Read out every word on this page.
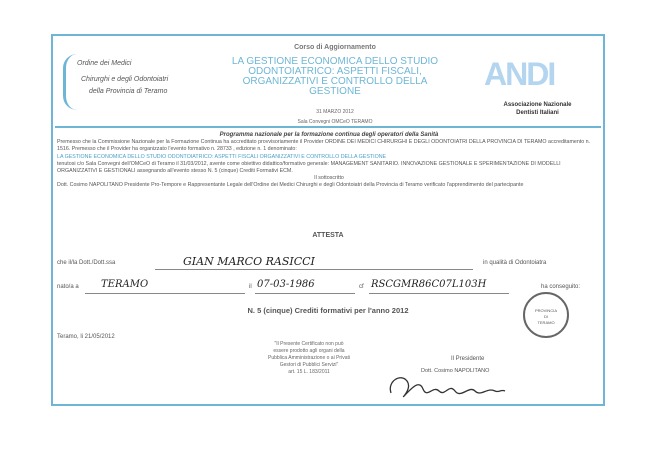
Ordine dei Medici
Chirurghi e degli Odontoiatri
della Provincia di Teramo
Corso di Aggiornamento
LA GESTIONE ECONOMICA DELLO STUDIO
ODONTOIATRICO: ASPETTI FISCALI,
ORGANIZZATIVI E CONTROLLO DELLA
GESTIONE
31 MARZO 2012
Sala Convegni OMCeO TERAMO
ANDI
Associazione Nazionale
Dentisti Italiani
Programma nazionale per la formazione continua degli operatori della Sanità
Premesso che la Commissione Nazionale per la Formazione Continua ha accreditato provvisoriamente il Provider ORDINE DEI MEDICI CHIRURGHI E DEGLI ODONTOIATRI DELLA PROVINCIA DI TERAMO accreditamento n. 1516. Premesso che il Provider ha organizzato l'evento formativo n. 28733 , edizione n. 1 denominato:
LA GESTIONE ECONOMICA DELLO STUDIO ODONTOIATRICO: ASPETTI FISCALI ORGANIZZATIVI E CONTROLLO DELLA GESTIONE
tenutosi c/o Sala Convegni dell'OMCeO di Teramo il 31/03/2012, avente come obiettivo didattico/formativo generale: MANAGEMENT SANITARIO. INNOVAZIONE GESTIONALE E SPERIMENTAZIONE DI MODELLI ORGANIZZATIVI E GESTIONALI assegnando all'evento stesso N. 5 (cinque) Crediti Formativi ECM.
Il sottoscritto
Dott. Cosimo NAPOLITANO Presidente Pro-Tempore e Rappresentante Legale dell'Ordine dei Medici Chirurghi e degli Odontoiatri della Provincia di Teramo verificato l'apprendimento del partecipante
ATTESTA
che il/la Dott./Dott.ssa	GIAN MARCO RASICCI	in qualità di Odontoiatra
nato/a a TERAMO	il 07-03-1986	cf RSCGMR86C07L103H	ha conseguito:
N. 5 (cinque) Crediti formativi per l'anno 2012	PROVINCIA
DI
TERAMO
Teramo, li 21/05/2012
"Il Presente Certificato non può
essere prodotto agli organi della
Pubblica Amministrazione o ai Privati
Gestori di Pubblici Servizi"
art. 15 L. 183/2011
Il Presidente
Dott. Cosimo NAPOLITANO
